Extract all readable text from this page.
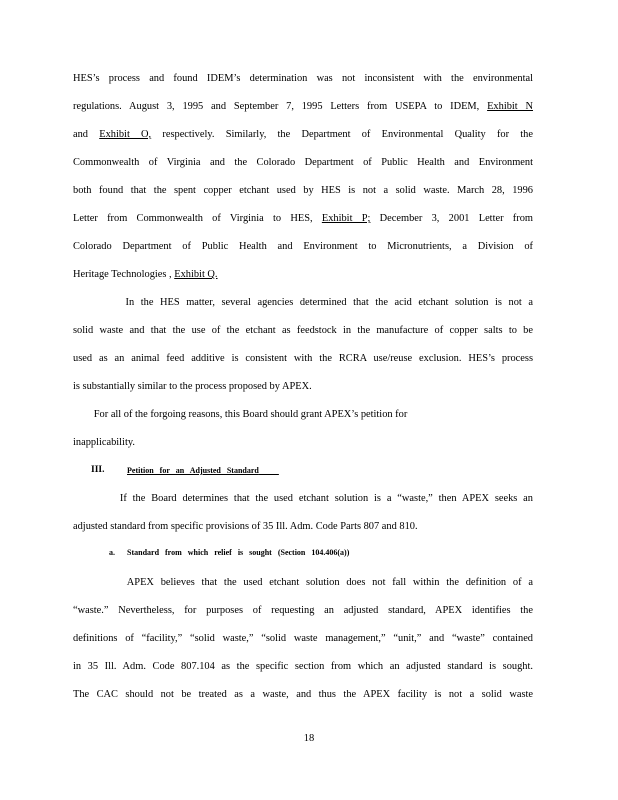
HES’s process and found IDEM’s determination was not inconsistent with the environmental
regulations. August 3, 1995 and September 7, 1995 Letters from USEPA to IDEM, Exhibit N
and Exhibit O, respectively. Similarly, the Department of Environmental Quality for the
Commonwealth of Virginia and the Colorado Department of Public Health and Environment
both found that the spent copper etchant used by HES is not a solid waste. March 28, 1996
Letter from Commonwealth of Virginia to HES, Exhibit P; December 3, 2001 Letter from
Colorado Department of Public Health and Environment to Micronutrients, a Division of
Heritage Technologies , Exhibit Q.
In the HES matter, several agencies determined that the acid etchant solution is not a
solid waste and that the use of the etchant as feedstock in the manufacture of copper salts to be
used as an animal feed additive is consistent with the RCRA use/reuse exclusion. HES’s process
is substantially similar to the process proposed by APEX.
For all of the forgoing reasons, this Board should grant APEX’s petition for
inapplicability.
III.	Petition   for   an   Adjusted   Standard
If the Board determines that the used etchant solution is a “waste,” then APEX seeks an
adjusted standard from specific provisions of 35 Ill. Adm. Code Parts 807 and 810.
a. Standard   from   which   relief   is   sought   (Section   104.406(a))
APEX believes that the used etchant solution does not fall within the definition of a
“waste.” Nevertheless, for purposes of requesting an adjusted standard, APEX identifies the
definitions of “facility,” “solid waste,” “solid waste management,” “unit,” and “waste” contained
in 35 Ill. Adm. Code 807.104 as the specific section from which an adjusted standard is sought.
The CAC should not be treated as a waste, and thus the APEX facility is not a solid waste
18
